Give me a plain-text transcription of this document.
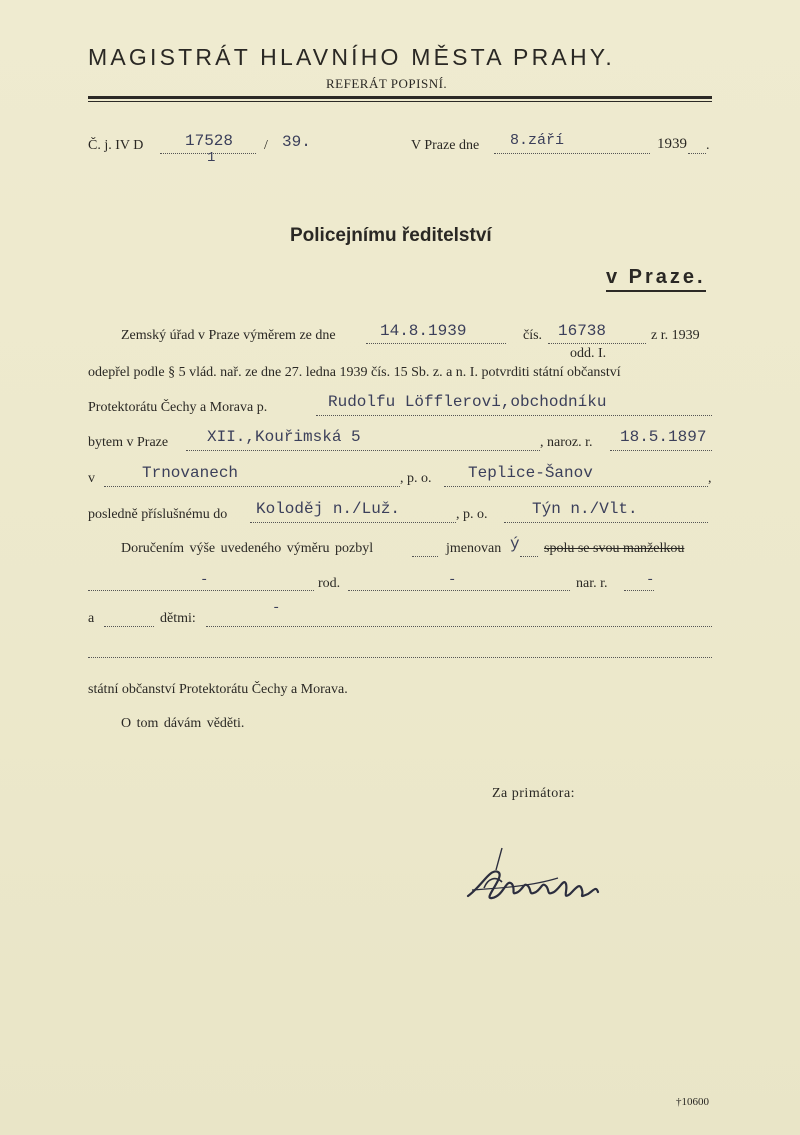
MAGISTRÁT HLAVNÍHO MĚSTA PRAHY.
REFERÁT POPISNÍ.
Č. j. IV D	17528
1
/ 39.	V Praze dne 8.září	1939 .
Policejnímu ředitelství
v Praze.
Zemský úřad v Praze výměrem ze dne	14.8.1939	čís. 16738	z r. 1939
odd. I.
odepřel podle § 5 vlád. nař. ze dne 27. ledna 1939 čís. 15 Sb. z. a n. I. potvrditi státní občanství
Protektorátu Čechy a Morava p.	Rudolfu Löfflerovi,obchodníku
bytem v Praze XII.,Kouřimská 5	, naroz. r. 18.5.1897
v	Trnovanech	, p. o. Teplice-Šanov	,
posledně příslušnému do Koloděj n./Luž.	, p. o.	Týn n./Vlt.
Doručením výše uvedeného výměru pozbyl	jmenovan ý spolu se svou manželkou
-	rod.	-	nar. r.	-
a	dětmi:
-
státní občanství Protektorátu Čechy a Morava.
O tom dávám věděti.
Za primátora:
†10600
